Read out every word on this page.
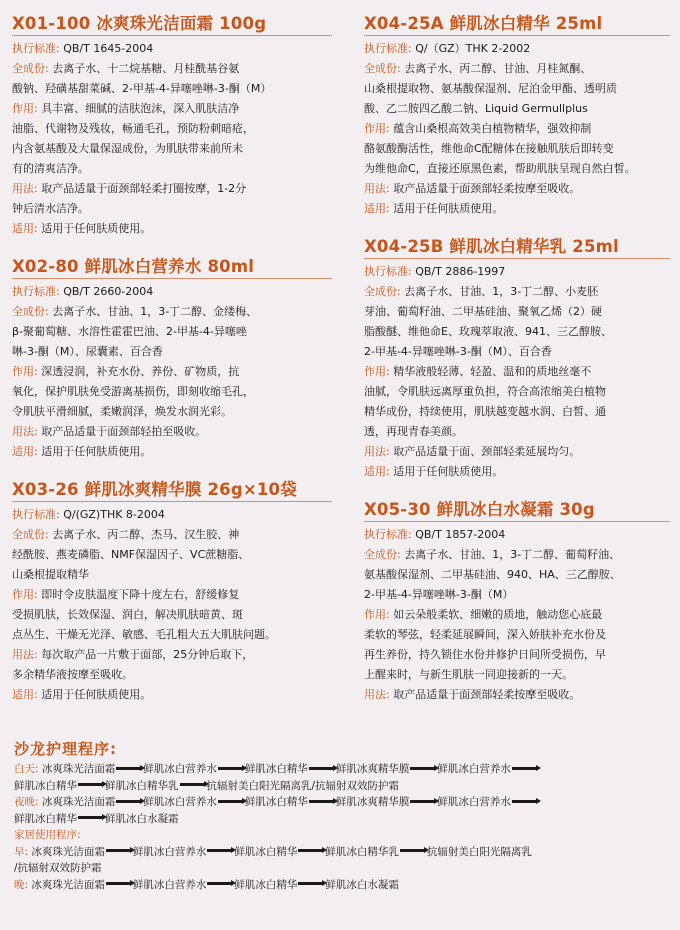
X01-100 冰爽珠光洁面霜 100g
执行标准: QB/T 1645-2004
全成份: 去离子水、十二烷基糖、月桂酰基谷氨
酸钠、羟磺基甜菜碱、2-甲基-4-异噻唑啉-3-酮（M）
作用: 具丰富、细腻的洁肤泡沫，深入肌肤洁净
油脂、代谢物及残妆，畅通毛孔，预防粉刺暗疮，
内含氨基酸及大量保湿成份，为肌肤带来前所未
有的清爽洁净。
用法: 取产品适量于面颈部轻柔打圈按摩，1-2分
钟后清水洁净。
适用: 适用于任何肤质使用。
X02-80 鲜肌冰白营养水 80ml
执行标准: QB/T 2660-2004
全成份: 去离子水、甘油、1，3-丁二醇、金缕梅、
β-聚葡萄糖、水溶性霍霍巴油、2-甲基-4-异噻唑
啉-3-酮（M）、尿囊素、百合香
作用: 深透浸润，补充水份、养份、矿物质，抗
氧化，保护肌肤免受游离基损伤，即刻收缩毛孔，
令肌肤平滑细腻，柔嫩润泽，焕发水润光彩。
用法: 取产品适量于面颈部轻拍至吸收。
适用: 适用于任何肤质使用。
X03-26 鲜肌冰爽精华膜 26g×10袋
执行标准: Q/(GZ)THK 8-2004
全成份: 去离子水、丙二醇、杰马、汉生胶、神
经酰胺、燕麦磷脂、NMF保湿因子、VC蔗糖脂、
山桑根提取精华
作用: 即时令皮肤温度下降十度左右，舒缓修复
受损肌肤，长效保湿、润白，解决肌肤暗黄、斑
点丛生、干燥无光泽、敏感、毛孔粗大五大肌肤问题。
用法: 每次取产品一片敷于面部，25分钟后取下，
多余精华液按摩至吸收。
适用: 适用于任何肤质使用。
X04-25A 鲜肌冰白精华 25ml
执行标准: Q/（GZ）THK 2-2002
全成份: 去离子水、丙二醇、甘油、月桂氮酮、
山桑根提取物、氨基酸保湿剂、尼泊金甲酯、透明质
酸、乙二胺四乙酸二钠、Liquid Germullplus
作用: 蕴含山桑根高效美白植物精华，强效抑制
酪氨酸酶活性，维他命C配糖体在接触肌肤后即转变
为维他命C，直接还原黑色素，帮助肌肤呈现自然白皙。
用法: 取产品适量于面颈部轻柔按摩至吸收。
适用: 适用于任何肤质使用。
X04-25B 鲜肌冰白精华乳 25ml
执行标准: QB/T 2886-1997
全成份: 去离子水、甘油、1，3-丁二醇、小麦胚
芽油、葡萄籽油、二甲基硅油、聚氧乙烯（2）硬
脂酸醚、维他命E、玫瑰萃取液、941、三乙醇胺、
2-甲基-4-异噻唑啉-3-酮（M）、百合香
作用: 精华液般轻薄、轻盈、温和的质地丝毫不
油腻，令肌肤远离厚重负担，符合高浓缩美白植物
精华成份，持续使用，肌肤越变越水润、白皙、通
透，再现青春美颜。
用法: 取产品适量于面、颈部轻柔延展均匀。
适用: 适用于任何肤质使用。
X05-30 鲜肌冰白水凝霜 30g
执行标准: QB/T 1857-2004
全成份: 去离子水、甘油、1，3-丁二醇、葡萄籽油、
氨基酸保湿剂、二甲基硅油、940、HA、三乙醇胺、
2-甲基-4-异噻唑啉-3-酮（M）
作用: 如云朵般柔软、细嫩的质地，触动您心底最
柔软的琴弦，轻柔延展瞬间，深入娇肤补充水份及
再生养份，持久锁住水份并修护日间所受损伤，早
上醒来时，与新生肌肤一同迎接新的一天。
用法: 取产品适量于面颈部轻柔按摩至吸收。
沙龙护理程序:
白天: 冰爽珠光洁面霜	鲜肌冰白营养水	鲜肌冰白精华	鲜肌冰爽精华膜	鲜肌冰白营养水
鲜肌冰白精华	鲜肌冰白精华乳	抗辐射美白阳光隔离乳/抗辐射双效防护霜
夜晚: 冰爽珠光洁面霜	鲜肌冰白营养水	鲜肌冰白精华	鲜肌冰爽精华膜	鲜肌冰白营养水
鲜肌冰白精华	鲜肌冰白水凝霜
家居使用程序:
早: 冰爽珠光洁面霜	鲜肌冰白营养水	鲜肌冰白精华	鲜肌冰白精华乳	抗辐射美白阳光隔离乳
/抗辐射双效防护霜
晚: 冰爽珠光洁面霜	鲜肌冰白营养水	鲜肌冰白精华	鲜肌冰白水凝霜
